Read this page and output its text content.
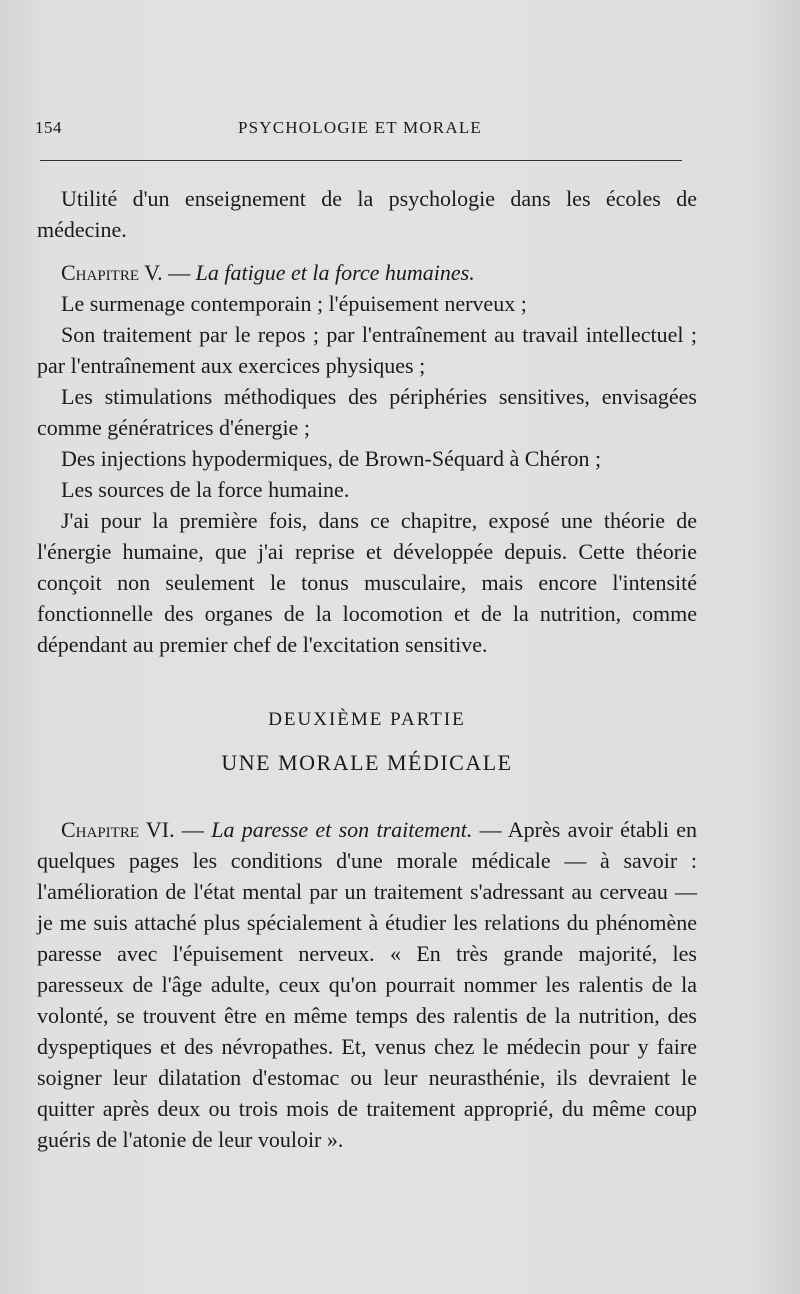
154	PSYCHOLOGIE ET MORALE

Utilité d'un enseignement de la psychologie dans les écoles de médecine.

Chapitre V. — La fatigue et la force humaines.

Le surmenage contemporain ; l'épuisement nerveux ;

Son traitement par le repos ; par l'entraînement au travail intellectuel ; par l'entraînement aux exercices physiques ;

Les stimulations méthodiques des périphéries sensitives, envisagées comme génératrices d'énergie ;

Des injections hypodermiques, de Brown-Séquard à Chéron ;

Les sources de la force humaine.

J'ai pour la première fois, dans ce chapitre, exposé une théorie de l'énergie humaine, que j'ai reprise et développée depuis. Cette théorie conçoit non seulement le tonus musculaire, mais encore l'intensité fonctionnelle des organes de la locomotion et de la nutrition, comme dépendant au premier chef de l'excitation sensitive.

DEUXIÈME PARTIE

UNE MORALE MÉDICALE

Chapitre VI. — La paresse et son traitement. — Après avoir établi en quelques pages les conditions d'une morale médicale — à savoir : l'amélioration de l'état mental par un traitement s'adressant au cerveau — je me suis attaché plus spécialement à étudier les relations du phénomène paresse avec l'épuisement nerveux. « En très grande majorité, les paresseux de l'âge adulte, ceux qu'on pourrait nommer les ralentis de la volonté, se trouvent être en même temps des ralentis de la nutrition, des dyspeptiques et des névropathes. Et, venus chez le médecin pour y faire soigner leur dilatation d'estomac ou leur neurasthénie, ils devraient le quitter après deux ou trois mois de traitement approprié, du même coup guéris de l'atonie de leur vouloir ».
